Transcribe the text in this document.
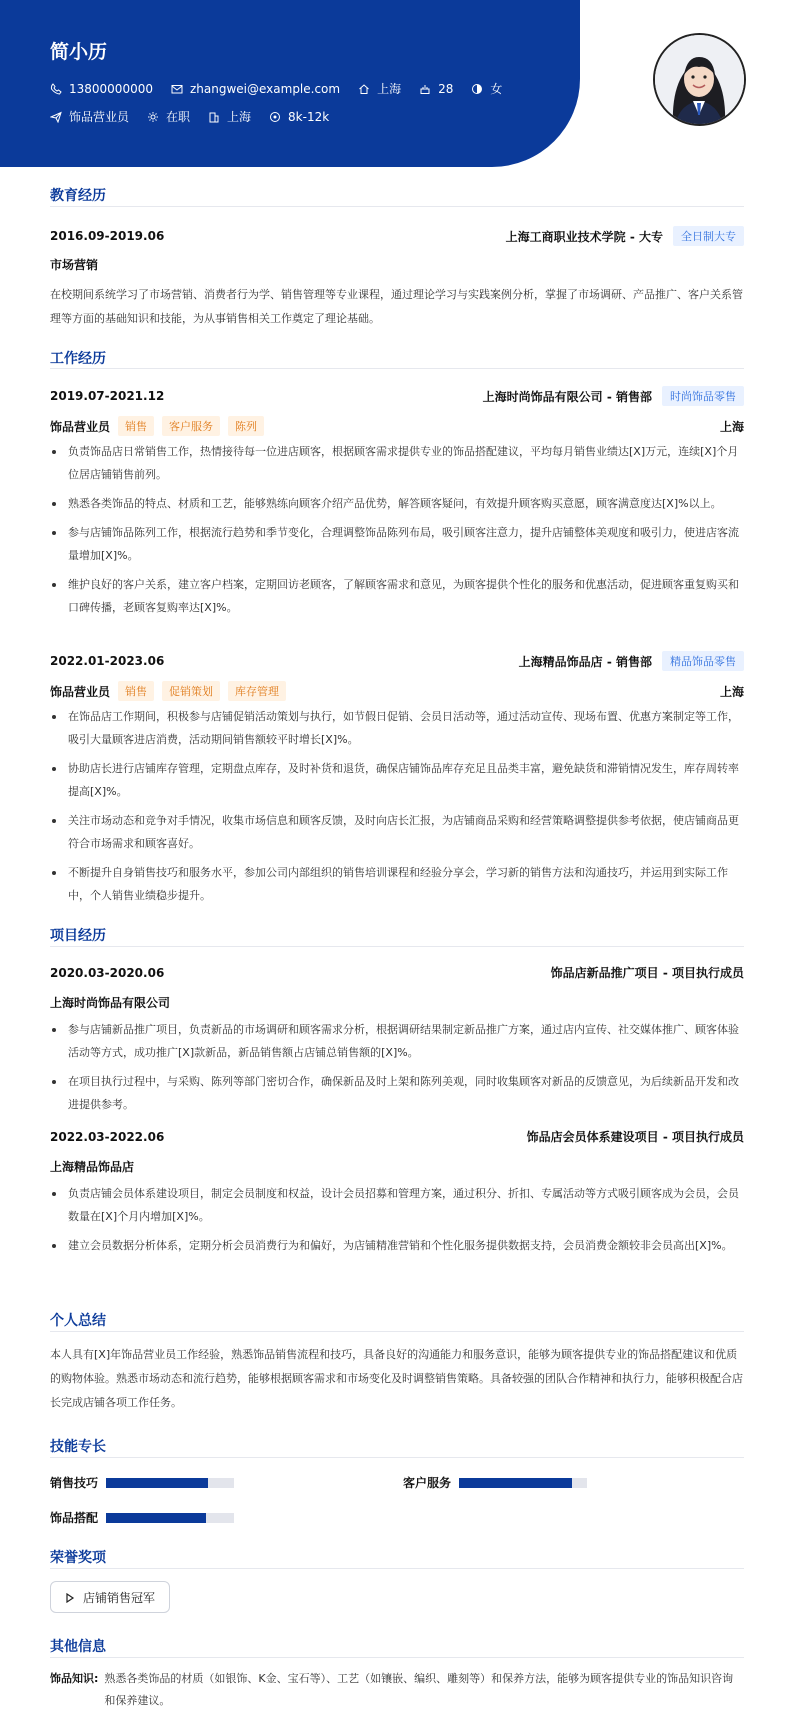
简小历
13800000000	zhangwei@example.com	上海	28	女
饰品营业员	在职	上海	8k-12k
教育经历
2016.09-2019.06	上海工商职业技术学院 - 大专	全日制大专
市场营销
在校期间系统学习了市场营销、消费者行为学、销售管理等专业课程，通过理论学习与实践案例分析，掌握了市场调研、产品推广、客户关系管理等方面的基础知识和技能，为从事销售相关工作奠定了理论基础。
工作经历
2019.07-2021.12	上海时尚饰品有限公司 - 销售部	时尚饰品零售
饰品营业员	销售	客户服务	陈列	上海
负责饰品店日常销售工作，热情接待每一位进店顾客，根据顾客需求提供专业的饰品搭配建议，平均每月销售业绩达[X]万元，连续[X]个月位居店铺销售前列。
熟悉各类饰品的特点、材质和工艺，能够熟练向顾客介绍产品优势，解答顾客疑问，有效提升顾客购买意愿，顾客满意度达[X]%以上。
参与店铺饰品陈列工作，根据流行趋势和季节变化，合理调整饰品陈列布局，吸引顾客注意力，提升店铺整体美观度和吸引力，使进店客流量增加[X]%。
维护良好的客户关系，建立客户档案，定期回访老顾客，了解顾客需求和意见，为顾客提供个性化的服务和优惠活动，促进顾客重复购买和口碑传播，老顾客复购率达[X]%。
2022.01-2023.06	上海精品饰品店 - 销售部	精品饰品零售
饰品营业员	销售	促销策划	库存管理	上海
在饰品店工作期间，积极参与店铺促销活动策划与执行，如节假日促销、会员日活动等，通过活动宣传、现场布置、优惠方案制定等工作，吸引大量顾客进店消费，活动期间销售额较平时增长[X]%。
协助店长进行店铺库存管理，定期盘点库存，及时补货和退货，确保店铺饰品库存充足且品类丰富，避免缺货和滞销情况发生，库存周转率提高[X]%。
关注市场动态和竞争对手情况，收集市场信息和顾客反馈，及时向店长汇报，为店铺商品采购和经营策略调整提供参考依据，使店铺商品更符合市场需求和顾客喜好。
不断提升自身销售技巧和服务水平，参加公司内部组织的销售培训课程和经验分享会，学习新的销售方法和沟通技巧，并运用到实际工作中，个人销售业绩稳步提升。
项目经历
2020.03-2020.06	饰品店新品推广项目 - 项目执行成员
上海时尚饰品有限公司
参与店铺新品推广项目，负责新品的市场调研和顾客需求分析，根据调研结果制定新品推广方案，通过店内宣传、社交媒体推广、顾客体验活动等方式，成功推广[X]款新品，新品销售额占店铺总销售额的[X]%。
在项目执行过程中，与采购、陈列等部门密切合作，确保新品及时上架和陈列美观，同时收集顾客对新品的反馈意见，为后续新品开发和改进提供参考。
2022.03-2022.06	饰品店会员体系建设项目 - 项目执行成员
上海精品饰品店
负责店铺会员体系建设项目，制定会员制度和权益，设计会员招募和管理方案，通过积分、折扣、专属活动等方式吸引顾客成为会员，会员数量在[X]个月内增加[X]%。
建立会员数据分析体系，定期分析会员消费行为和偏好，为店铺精准营销和个性化服务提供数据支持，会员消费金额较非会员高出[X]%。
个人总结
本人具有[X]年饰品营业员工作经验，熟悉饰品销售流程和技巧，具备良好的沟通能力和服务意识，能够为顾客提供专业的饰品搭配建议和优质的购物体验。熟悉市场动态和流行趋势，能够根据顾客需求和市场变化及时调整销售策略。具备较强的团队合作精神和执行力，能够积极配合店长完成店铺各项工作任务。
技能专长
销售技巧	客户服务
饰品搭配
荣誉奖项
店铺销售冠军
其他信息
饰品知识: 熟悉各类饰品的材质（如银饰、K金、宝石等）、工艺（如镶嵌、编织、雕刻等）和保养方法，能够为顾客提供专业的饰品知识咨询和保养建议。
